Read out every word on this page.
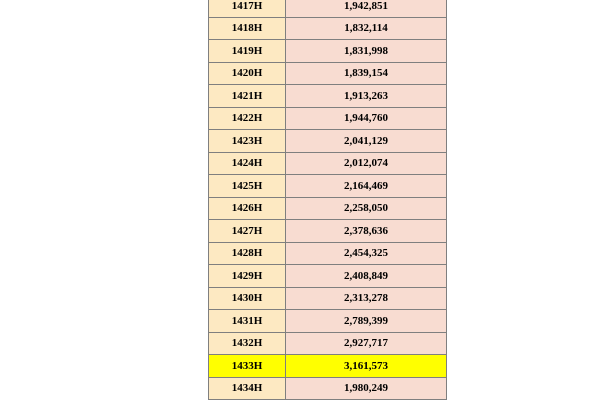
1417H	1,942,851
1418H	1,832,114
1419H	1,831,998
1420H	1,839,154
1421H	1,913,263
1422H	1,944,760
1423H	2,041,129
1424H	2,012,074
1425H	2,164,469
1426H	2,258,050
1427H	2,378,636
1428H	2,454,325
1429H	2,408,849
1430H	2,313,278
1431H	2,789,399
1432H	2,927,717
1433H	3,161,573
1434H	1,980,249
